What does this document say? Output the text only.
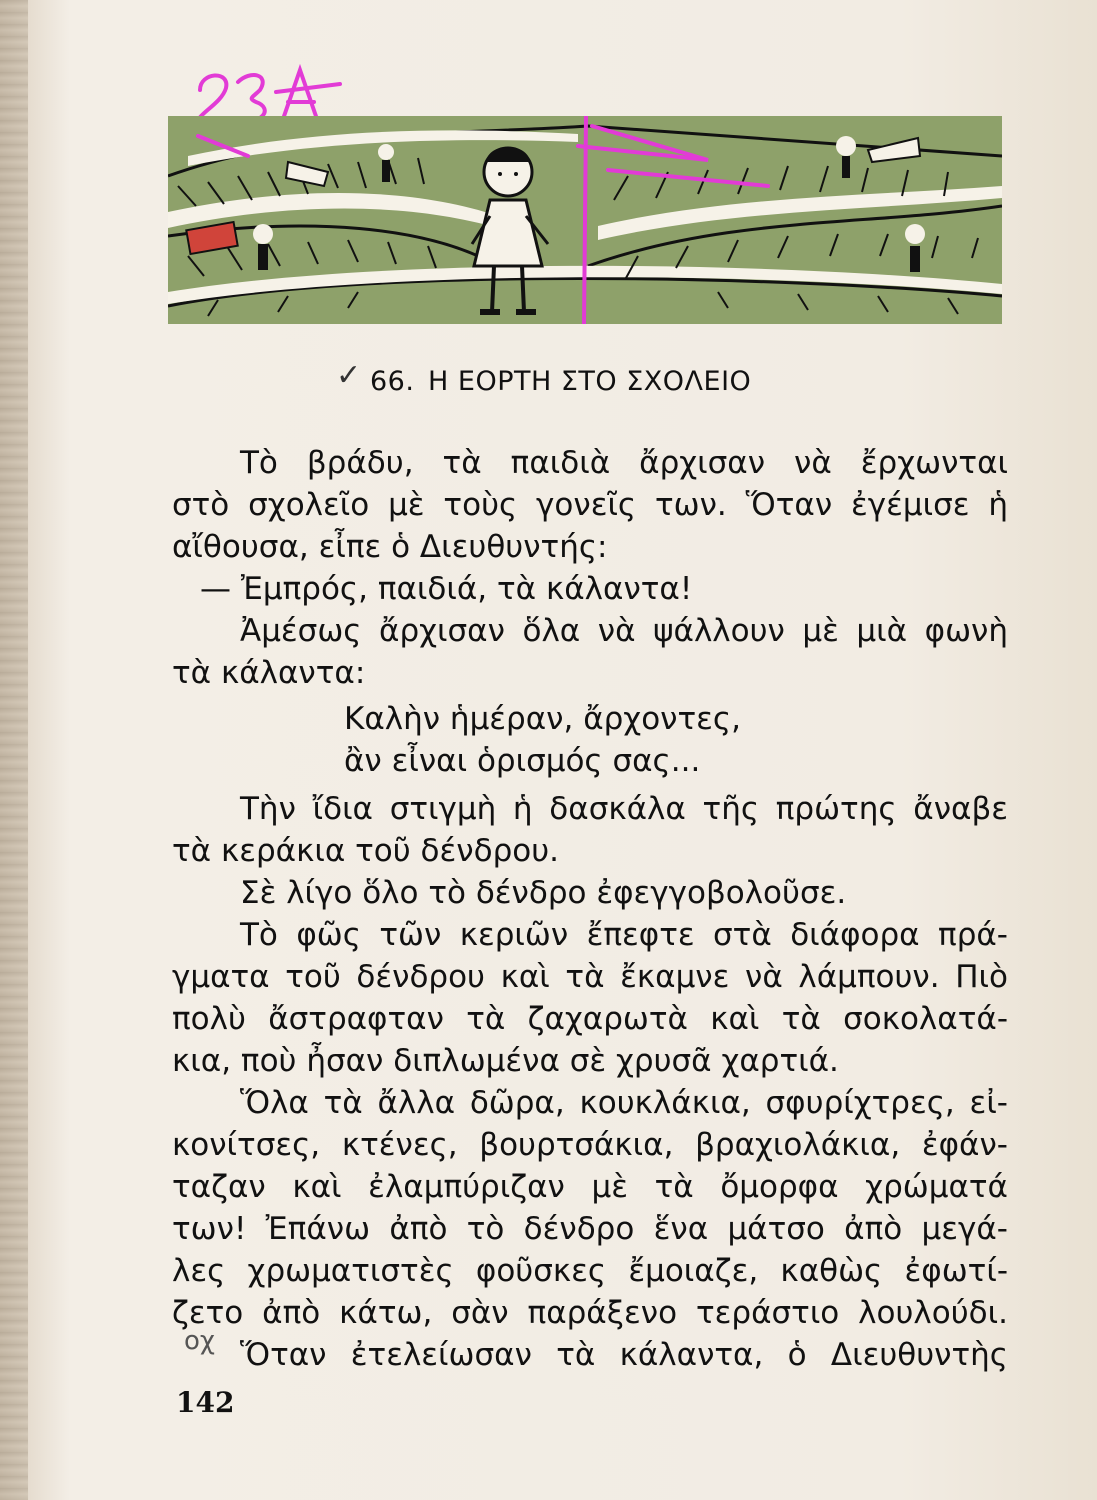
✓ 66. Η ΕΟΡΤΗ ΣΤΟ ΣΧΟΛΕΙΟ
Τὸ βράδυ, τὰ παιδιὰ ἄρχισαν νὰ ἔρχωνται
στὸ σχολεῖο μὲ τοὺς γονεῖς των. Ὅταν ἐγέμισε ἡ
αἴθουσα, εἶπε ὁ Διευθυντής:
— Ἐμπρός, παιδιά, τὰ κάλαντα!
Ἀμέσως ἄρχισαν ὅλα νὰ ψάλλουν μὲ μιὰ φωνὴ
τὰ κάλαντα:
Καλὴν ἡμέραν, ἄρχοντες,
ἂν εἶναι ὁρισμός σας...
Τὴν ἴδια στιγμὴ ἡ δασκάλα τῆς πρώτης ἄναβε
τὰ κεράκια τοῦ δένδρου.
Σὲ λίγο ὅλο τὸ δένδρο ἐφεγγοβολοῦσε.
Τὸ φῶς τῶν κεριῶν ἔπεφτε στὰ διάφορα πρά-
γματα τοῦ δένδρου καὶ τὰ ἔκαμνε νὰ λάμπουν. Πιὸ
πολὺ ἄστραφταν τὰ ζαχαρωτὰ καὶ τὰ σοκολατά-
κια, ποὺ ἦσαν διπλωμένα σὲ χρυσᾶ χαρτιά.
Ὅλα τὰ ἄλλα δῶρα, κουκλάκια, σφυρίχτρες, εἰ-
κονίτσες, κτένες, βουρτσάκια, βραχιολάκια, ἐφάν-
ταζαν καὶ ἐλαμπύριζαν μὲ τὰ ὄμορφα χρώματά
των! Ἐπάνω ἀπὸ τὸ δένδρο ἕνα μάτσο ἀπὸ μεγά-
λες χρωματιστὲς φοῦσκες ἔμοιαζε, καθὼς ἐφωτί-
ζετο ἀπὸ κάτω, σὰν παράξενο τεράστιο λουλούδι.
Ὅταν ἐτελείωσαν τὰ κάλαντα, ὁ Διευθυντὴς
οχ
142
